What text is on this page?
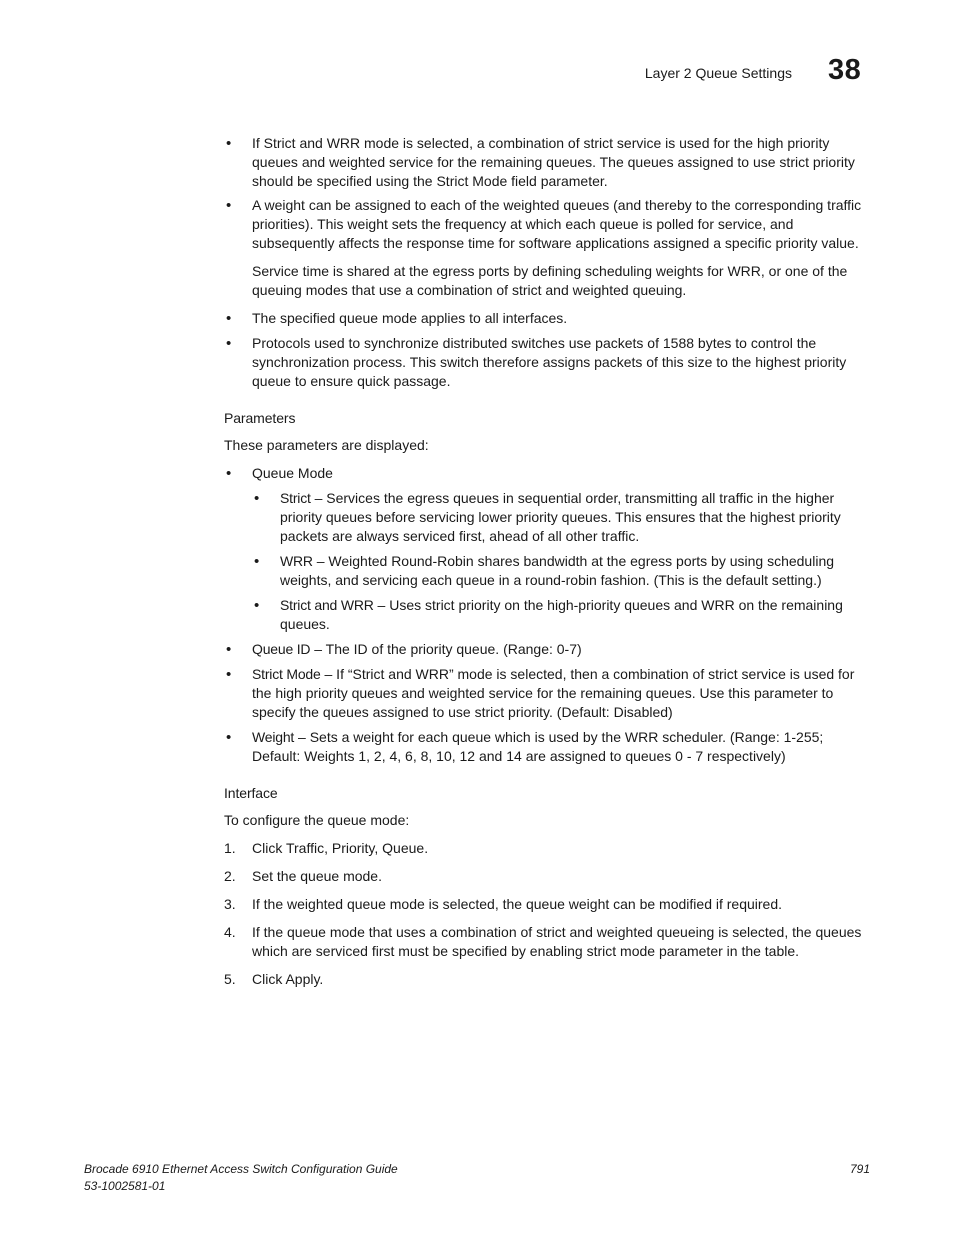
Layer 2 Queue Settings 38
• If Strict and WRR mode is selected, a combination of strict service is used for the high priority queues and weighted service for the remaining queues. The queues assigned to use strict priority should be specified using the Strict Mode field parameter.
• A weight can be assigned to each of the weighted queues (and thereby to the corresponding traffic priorities). This weight sets the frequency at which each queue is polled for service, and subsequently affects the response time for software applications assigned a specific priority value.
Service time is shared at the egress ports by defining scheduling weights for WRR, or one of the queuing modes that use a combination of strict and weighted queuing.
• The specified queue mode applies to all interfaces.
• Protocols used to synchronize distributed switches use packets of 1588 bytes to control the synchronization process. This switch therefore assigns packets of this size to the highest priority queue to ensure quick passage.
Parameters
These parameters are displayed:
• Queue Mode
• Strict – Services the egress queues in sequential order, transmitting all traffic in the higher priority queues before servicing lower priority queues. This ensures that the highest priority packets are always serviced first, ahead of all other traffic.
• WRR – Weighted Round-Robin shares bandwidth at the egress ports by using scheduling weights, and servicing each queue in a round-robin fashion. (This is the default setting.)
• Strict and WRR – Uses strict priority on the high-priority queues and WRR on the remaining queues.
• Queue ID – The ID of the priority queue. (Range: 0-7)
• Strict Mode – If “Strict and WRR” mode is selected, then a combination of strict service is used for the high priority queues and weighted service for the remaining queues. Use this parameter to specify the queues assigned to use strict priority. (Default: Disabled)
• Weight – Sets a weight for each queue which is used by the WRR scheduler. (Range: 1-255; Default: Weights 1, 2, 4, 6, 8, 10, 12 and 14 are assigned to queues 0 - 7 respectively)
Interface
To configure the queue mode:
1. Click Traffic, Priority, Queue.
2. Set the queue mode.
3. If the weighted queue mode is selected, the queue weight can be modified if required.
4. If the queue mode that uses a combination of strict and weighted queueing is selected, the queues which are serviced first must be specified by enabling strict mode parameter in the table.
5. Click Apply.
Brocade 6910 Ethernet Access Switch Configuration Guide
53-1002581-01
791
